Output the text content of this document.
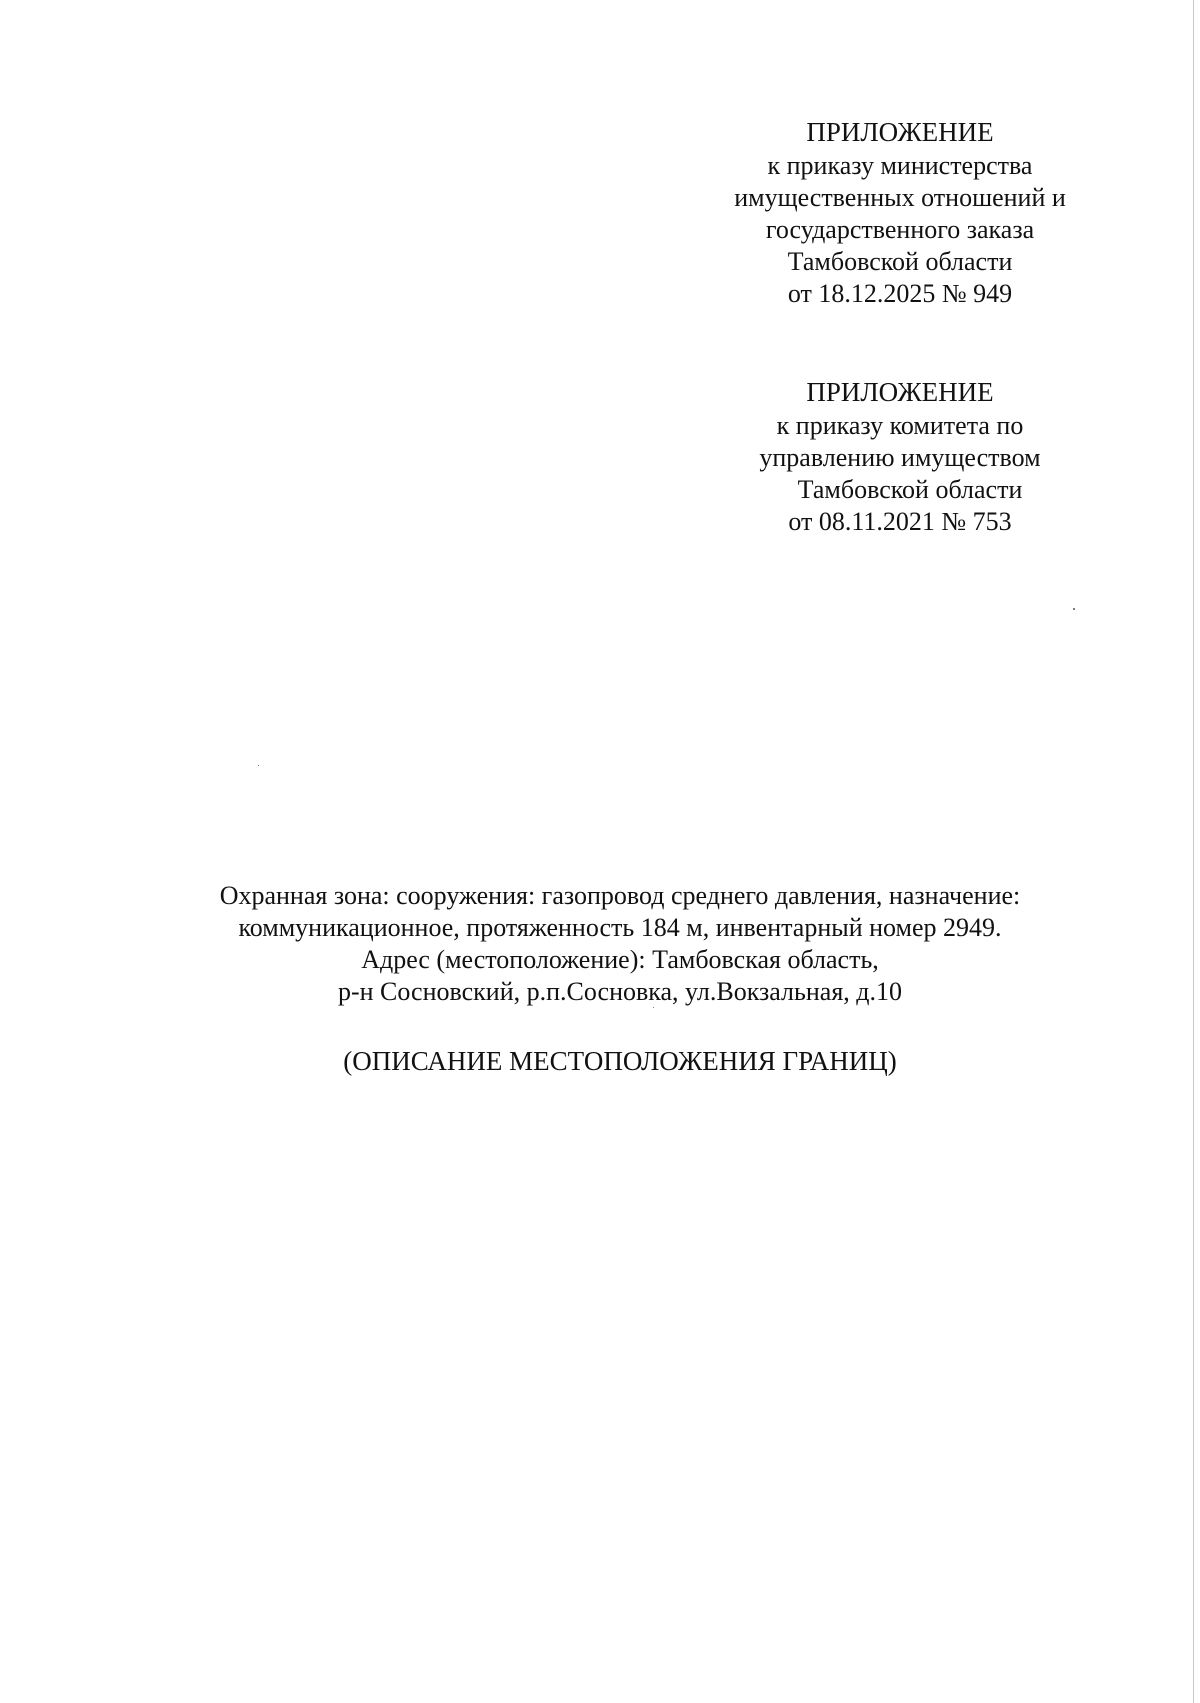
ПРИЛОЖЕНИЕ
к приказу министерства
имущественных отношений и
государственного заказа
Тамбовской области
от 18.12.2025 № 949
ПРИЛОЖЕНИЕ
к приказу комитета по
управлению имуществом
Тамбовской области
от 08.11.2021 № 753
Охранная зона: сооружения: газопровод среднего давления, назначение:
коммуникационное, протяженность 184 м, инвентарный номер 2949.
Адрес (местоположение): Тамбовская область,
р-н Сосновский, р.п.Сосновка, ул.Вокзальная, д.10
(ОПИСАНИЕ МЕСТОПОЛОЖЕНИЯ ГРАНИЦ)
